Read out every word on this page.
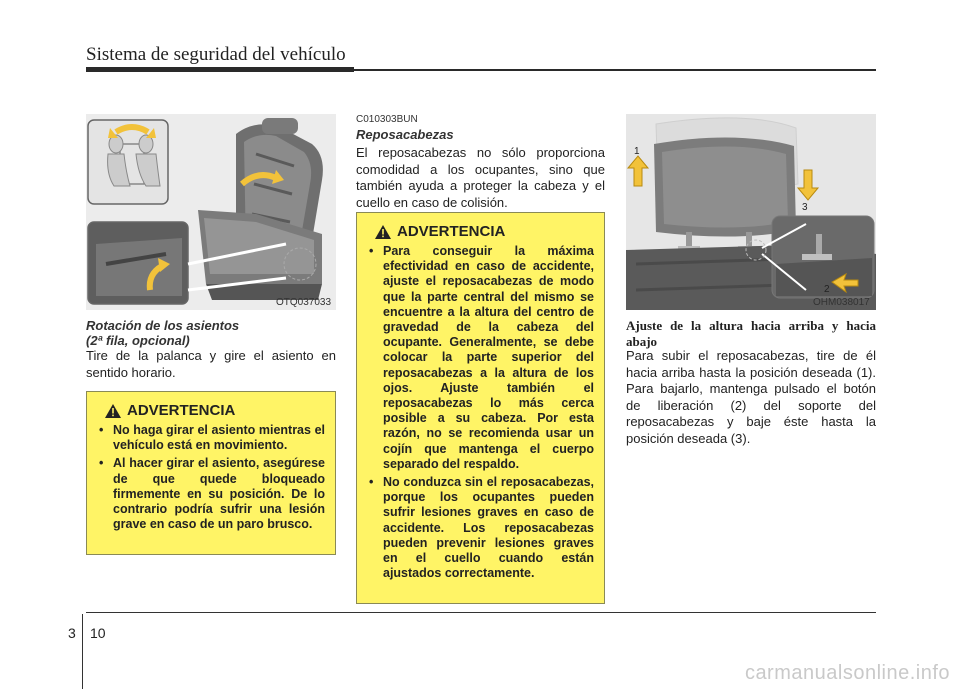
Sistema de seguridad del vehículo
OTQ037033
Rotación de los asientos
(2ª fila, opcional)
Tire de la palanca y gire el asiento en sentido horario.
ADVERTENCIA
• No haga girar el asiento mientras el vehículo está en movimiento.
• Al hacer girar el asiento, asegúrese de que quede bloqueado firmemente en su posición. De lo contrario podría sufrir una lesión grave en caso de un paro brusco.
C010303BUN
Reposacabezas
El reposacabezas no sólo proporciona comodidad a los ocupantes, sino que también ayuda a proteger la cabeza y el cuello en caso de colisión.
ADVERTENCIA
• Para conseguir la máxima efectividad en caso de accidente, ajuste el reposacabezas de modo que la parte central del mismo se encuentre a la altura del centro de gravedad de la cabeza del ocupante. Generalmente, se debe colocar la parte superior del reposacabezas a la altura de los ojos. Ajuste también el reposacabezas lo más cerca posible a su cabeza. Por esta razón, no se recomienda usar un cojín que mantenga el cuerpo separado del respaldo.
• No conduzca sin el reposacabezas, porque los ocupantes pueden sufrir lesiones graves en caso de accidente. Los reposacabezas pueden prevenir lesiones graves en el cuello cuando están ajustados correctamente.
1
3
2
OHM038017
Ajuste de la altura hacia arriba y hacia abajo
Para subir el reposacabezas, tire de él hacia arriba hasta la posición deseada (1). Para bajarlo, mantenga pulsado el botón de liberación (2) del soporte del reposacabezas y baje éste hasta la posición deseada (3).
3 10
carmanualsonline.info
